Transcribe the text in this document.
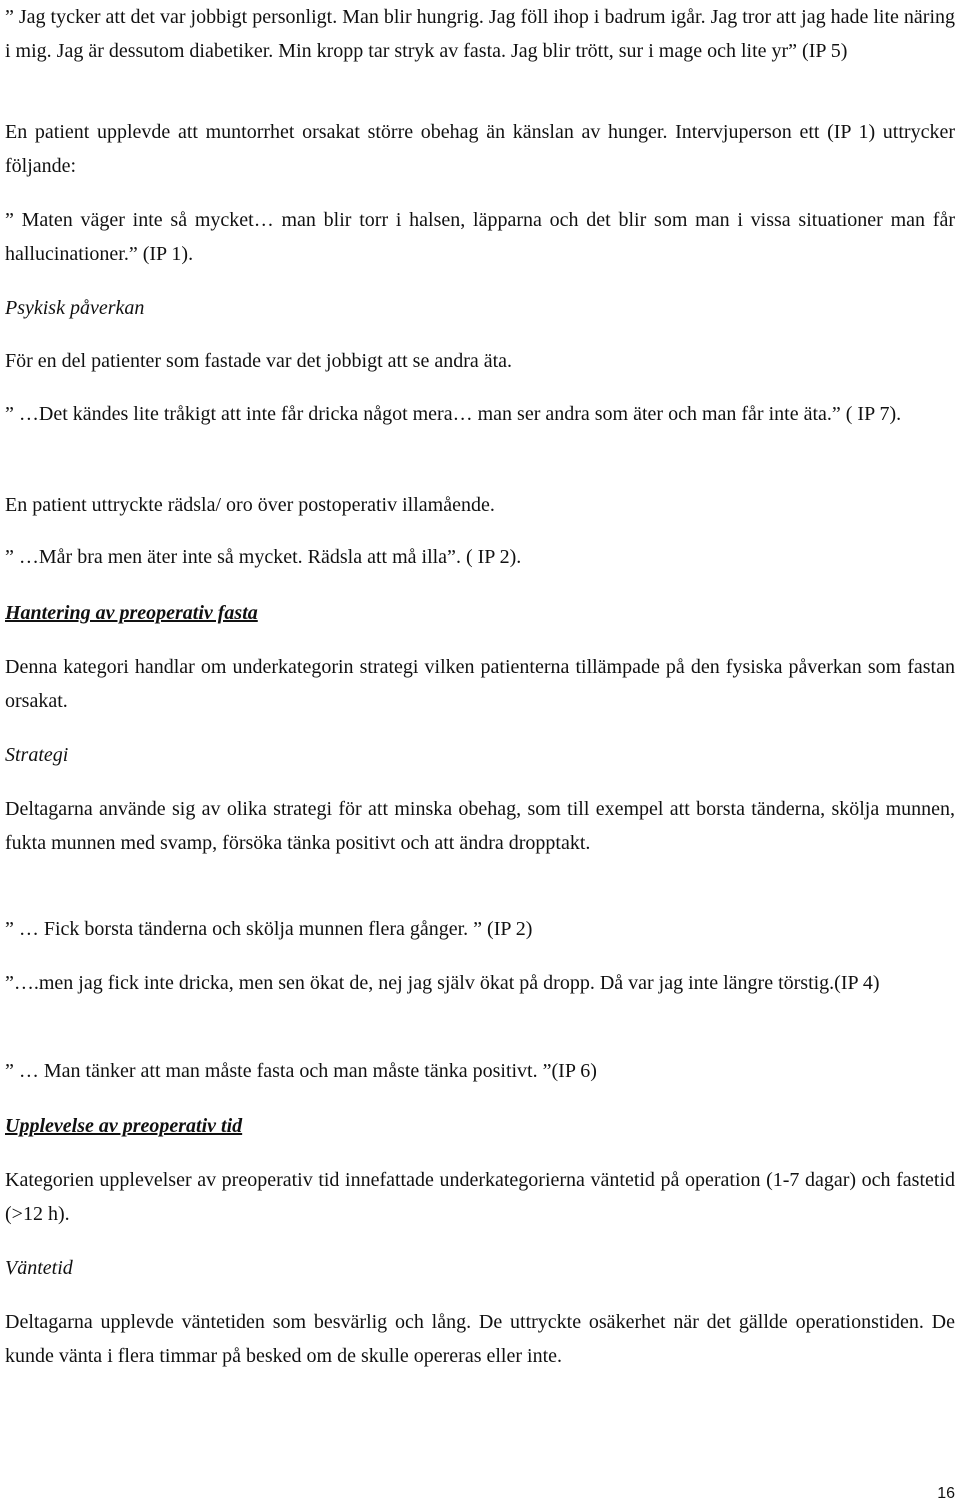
” Jag tycker att det var jobbigt personligt. Man blir hungrig. Jag föll ihop i badrum igår. Jag tror att jag hade lite näring i mig. Jag är dessutom diabetiker. Min kropp tar stryk av fasta. Jag blir trött, sur i mage och lite yr” (IP 5)

En patient upplevde att muntorrhet orsakat större obehag än känslan av hunger. Intervjuperson ett (IP 1) uttrycker följande:

” Maten väger inte så mycket… man blir torr i halsen, läpparna och det blir som man i vissa situationer man får hallucinationer.” (IP 1).

Psykisk påverkan

För en del patienter som fastade var det jobbigt att se andra äta.

” …Det kändes lite tråkigt att inte får dricka något mera… man ser andra som äter och man får inte äta.” ( IP 7).

En patient uttryckte rädsla/ oro över postoperativ illamående.

” …Mår bra men äter inte så mycket. Rädsla att må illa”. ( IP 2).

Hantering av preoperativ fasta

Denna kategori handlar om underkategorin strategi vilken patienterna tillämpade på den fysiska påverkan som fastan orsakat.

Strategi

Deltagarna använde sig av olika strategi för att minska obehag, som till exempel att borsta tänderna, skölja munnen, fukta munnen med svamp, försöka tänka positivt och att ändra dropptakt.

” … Fick borsta tänderna och skölja munnen flera gånger. ” (IP 2)

”….men jag fick inte dricka, men sen ökat de, nej jag själv ökat på dropp. Då var jag inte längre törstig.(IP 4)

” … Man tänker att man måste fasta och man måste tänka positivt. ”(IP 6)

Upplevelse av preoperativ tid

Kategorien upplevelser av preoperativ tid innefattade underkategorierna väntetid på operation (1-7 dagar) och fastetid (>12 h).

Väntetid

Deltagarna upplevde väntetiden som besvärlig och lång. De uttryckte osäkerhet när det gällde operationstiden. De kunde vänta i flera timmar på besked om de skulle opereras eller inte.

16
